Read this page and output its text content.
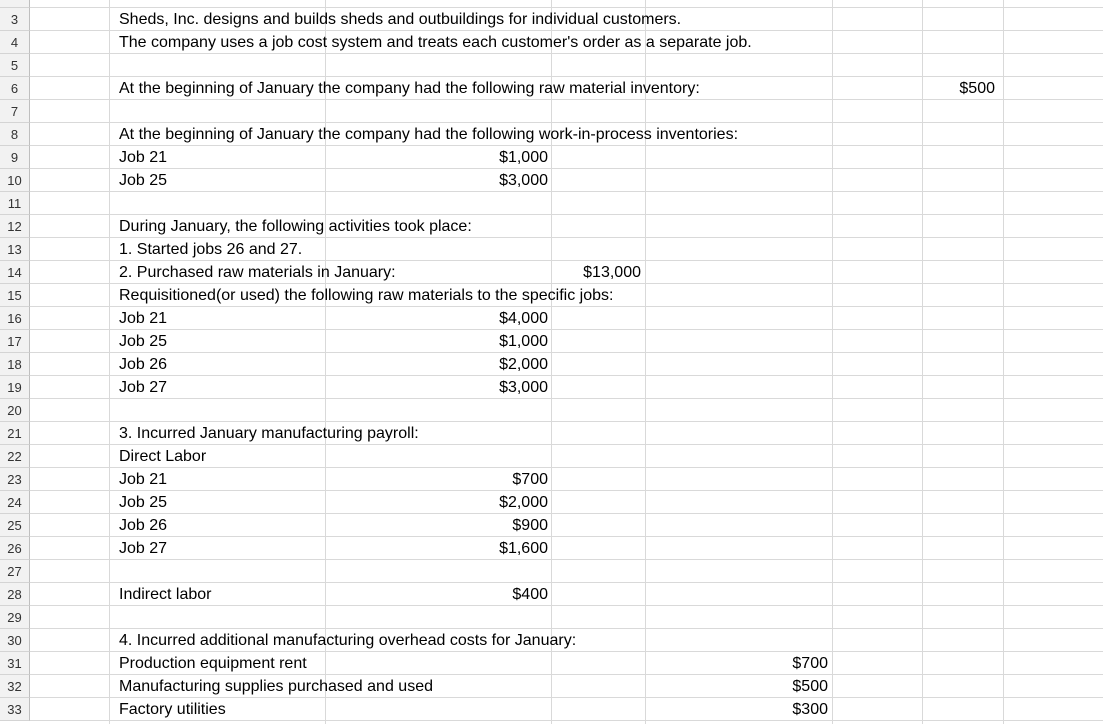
3
4
5
6
7
8
9
10
11
12
13
14
15
16
17
18
19
20
21
22
23
24
25
26
27
28
29
30
31
32
33
Sheds, Inc. designs and builds sheds and outbuildings for individual customers.
The company uses a job cost system and treats each customer's order as a separate job.
At the beginning of January the company had the following raw material inventory:	$500
At the beginning of January the company had the following work-in-process inventories:
Job 21	$1,000
Job 25	$3,000
During January, the following activities took place:
1. Started jobs 26 and 27.
2. Purchased raw materials in January:	$13,000
Requisitioned(or used) the following raw materials to the specific jobs:
Job 21	$4,000
Job 25	$1,000
Job 26	$2,000
Job 27	$3,000
3. Incurred January manufacturing payroll:
Direct Labor
Job 21	$700
Job 25	$2,000
Job 26	$900
Job 27	$1,600
Indirect labor	$400
4. Incurred additional manufacturing overhead costs for January:
Production equipment rent	$700
Manufacturing supplies purchased and used	$500
Factory utilities	$300
